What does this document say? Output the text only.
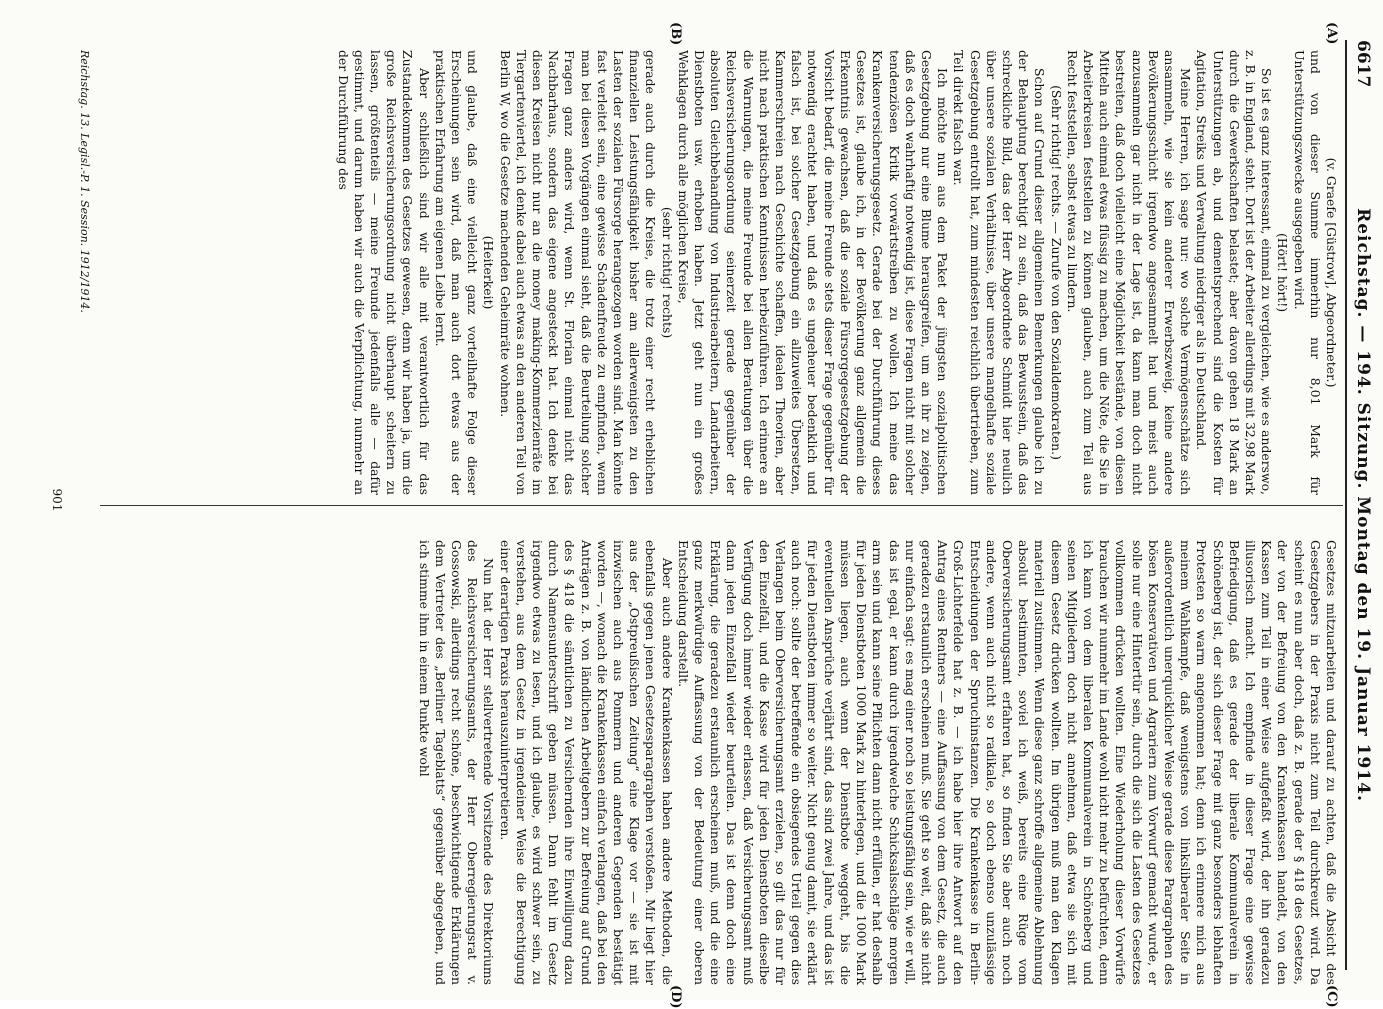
6617
Reichstag. — 194. Sitzung. Montag den 19. Januar 1914.
(A)
(B)
(C)
(D)

(v. Graefe [Güstrow], Abgeordneter.)

und von dieser Summe immerhin nur 8,01 Mark für Unterstützungszwecke ausgegeben wird.

(Hört! hört!)

So ist es ganz interessant, einmal zu vergleichen, wie es anderswo, z. B. in England, steht. Dort ist der Arbeiter allerdings mit 32,98 Mark durch die Gewerkschaften belastet; aber davon gehen 18 Mark an Unterstützungen ab, und dementsprechend sind die Kosten für Agitation, Streiks und Verwaltung niedriger als in Deutschland.

Meine Herren, ich sage nur: wo solche Vermögensschätze sich ansammeln, wie sie kein anderer Erwerbszweig, keine andere Bevölkerungsschicht irgendwo angesammelt hat und meist auch anzusammeln gar nicht in der Lage ist, da kann man doch nicht bestreiten, daß doch vielleicht eine Möglichkeit bestände, von diesen Mitteln auch einmal etwas flüssig zu machen, um die Nöte, die Sie in Arbeiterkreisen feststellen zu können glauben, auch zum Teil aus Recht feststellen, selbst etwas zu lindern.

(Sehr richtig! rechts. — Zurufe von den Sozialdemokraten.)

Schon auf Grund dieser allgemeinen Bemerkungen glaube ich zu der Behauptung berechtigt zu sein, daß das Bewusstsein, daß das schreckliche Bild, das der Herr Abgeordnete Schmidt hier neulich über unsere sozialen Verhältnisse, über unsere mangelhafte soziale Gesetzgebung entrollt hat, zum mindesten reichlich übertrieben, zum Teil direkt falsch war.

Ich möchte nun aus dem Paket der jüngsten sozialpolitischen Gesetzgebung nur eine Blume herausgreifen, um an ihr zu zeigen, daß es doch wahrhaftig notwendig ist, diese Fragen nicht mit solcher tendenziösen Kritik vorwärtstreiben zu wollen. Ich meine das Krankenversicherungsgesetz. Gerade bei der Durchführung dieses Gesetzes ist, glaube ich, in der Bevölkerung ganz allgemein die Erkenntnis gewachsen, daß die soziale Fürsorgegesetzgebung der Vorsicht bedarf, die meine Freunde stets dieser Frage gegenüber für notwendig erachtet haben, und daß es ungeheuer bedenklich und falsch ist, bei solcher Gesetzgebung ein allzuweites Übersetzen, Kammerschreien nach Geschichte schaffen, idealen Theorien, aber nicht nach praktischen Kenntnissen herbeizuführen. Ich erinnere an die Warnungen, die meine Freunde bei allen Beratungen über die Reichsversicherungsordnung seinerzeit gerade gegenüber der absoluten Gleichbehandlung von Industriearbeitern, Landarbeitern, Dienstboten usw. erhoben haben. Jetzt geht nun ein großes Wehklagen durch alle möglichen Kreise,

(sehr richtig! rechts)

gerade auch durch die Kreise, die trotz einer recht erheblichen finanziellen Leistungsfähigkeit bisher am allerwenigsten zu den Lasten der sozialen Fürsorge herangezogen worden sind. Man könnte fast verleitet sein, eine gewisse Schadenfreude zu empfinden, wenn man bei diesen Vorgängen einmal sieht, daß die Beurteilung solcher Fragen ganz anders wird, wenn St. Florian einmal nicht das Nachbarhaus, sondern das eigene angesteckt hat. Ich denke bei diesen Kreisen nicht nur an die money making-Kommerzienräte im Tiergartenviertel, ich denke dabei auch etwas an den anderen Teil von Berlin W, wo die Gesetze machenden Geheimräte wohnen.

(Heiterkeit)

und glaube, daß eine vielleicht ganz vorteilhafte Folge dieser Erscheinungen sein wird, daß man auch dort etwas aus der praktischen Erfahrung am eigenen Leibe lernt.

Aber schließlich sind wir alle mit verantwortlich für das Zustandekommen des Gesetzes gewesen, denn wir haben ja, um die große Reichsversicherungsordnung nicht überhaupt scheitern zu lassen, größtenteils — meine Freunde jedenfalls alle — dafür gestimmt, und darum haben wir auch die Verpflichtung, nunmehr an der Durchführung des

Gesetzes mitzuarbeiten und darauf zu achten, daß die Absicht des Gesetzgebers in der Praxis nicht zum Teil durchkreuzt wird. Da scheint es nun aber doch, daß z. B. gerade der § 418 des Gesetzes, der von der Befreiung von den Krankenkassen handelt, von den Kassen zum Teil in einer Weise aufgefaßt wird, der ihn geradezu illusorisch macht. Ich empfinde in dieser Frage eine gewisse Befriedigung, daß es gerade der liberale Kommunalverein in Schöneberg ist, der sich dieser Frage mit ganz besonders lebhaften Protesten so warm angenommen hat; denn ich erinnere mich aus meinem Wahlkampfe, daß wenigstens von linksliberaler Seite in außerordentlich unerquicklicher Weise gerade diese Paragraphen des bösen Konservativen und Agrariern zum Vorwurf gemacht wurde, er solle nur eine Hintertür sein, durch die sich die Lasten des Gesetzes vollkommen drücken wollten. Eine Wiederholung dieser Vorwürfe brauchen wir nunmehr im Lande wohl nicht mehr zu befürchten, denn ich kann von dem liberalen Kommunalverein in Schöneberg und seinen Mitgliedern doch nicht annehmen, daß etwa sie sich mit diesem Gesetz drücken wollten. Im übrigen muß man den Klagen materiell zustimmen. Wenn diese ganz schroffe allgemeine Ablehnung absolut bestimmten, soviel ich weiß, bereits eine Rüge vom Oberversicherungsamt erfahren hat, so finden Sie aber auch noch andere, wenn auch nicht so radikale, so doch ebenso unzulässige Entscheidungen der Spruchinstanzen. Die Krankenkasse in Berlin-Groß-Lichterfelde hat z. B. — ich habe hier ihre Antwort auf den Antrag eines Rentners — eine Auffassung von dem Gesetz, die auch geradezu erstaunlich erscheinen muß. Sie geht so weit, daß sie nicht nur einfach sagt: es mag einer noch so leistungsfähig sein, wie er will, das ist egal, er kann durch irgendwelche Schicksalsschläge morgen arm sein und kann seine Pflichten dann nicht erfüllen, er hat deshalb für jeden Dienstboten 1000 Mark zu hinterlegen, und die 1000 Mark müssen liegen, auch wenn der Dienstbote weggeht, bis die eventuellen Ansprüche verjährt sind, das sind zwei Jahre, und das ist für jeden Dienstboten immer so weiter. Nicht genug damit, sie erklärt auch noch: sollte der betreffende ein obsiegendes Urteil gegen dies Verlangen beim Oberversicherungsamt erzielen, so gilt das nur für den Einzelfall, und die Kasse wird für jeden Dienstboten dieselbe Verfügung doch immer wieder erlassen, daß Versicherungsamt muß dann jeden Einzelfall wieder beurteilen. Das ist denn doch eine Erklärung, die geradezu erstaunlich erscheinen muß, und die eine ganz merkwürdige Auffassung von der Bedeutung einer oberen Entscheidung darstellt.

Aber auch andere Krankenkassen haben andere Methoden, die ebenfalls gegen jenen Gesetzesparagraphen verstoßen. Mir liegt hier aus der „Ostpreußischen Zeitung“ eine Klage vor — sie ist mit inzwischen auch aus Pommern und anderen Gegenden bestätigt worden —, wonach die Krankenkassen einfach verlangen, daß bei den Anträgen z. B. von ländlichen Arbeitgebern zur Befreiung auf Grund des § 418 die sämtlichen zu Versichernden ihre Einwilligung dazu durch Namensunterschrift geben müssen. Dann fehlt im Gesetz irgendwo etwas zu lesen, und ich glaube, es wird schwer sein, zu verstehen, aus dem Gesetz in irgendeiner Weise die Berechtigung einer derartigen Praxis herauszuinterpretieren.

Nun hat der Herr stellvertretende Vorsitzende des Direktoriums des Reichsversicherungsamts, der Herr Oberregierungsrat v. Gossowski, allerdings recht schöne, beschwichtigende Erklärungen dem Vertreter des „Berliner Tageblatts“ gegenüber abgegeben, und ich stimme ihm in einem Punkte wohl

Reichstag. 13. Legisl.-P. 1. Session. 1912/1914.
901
